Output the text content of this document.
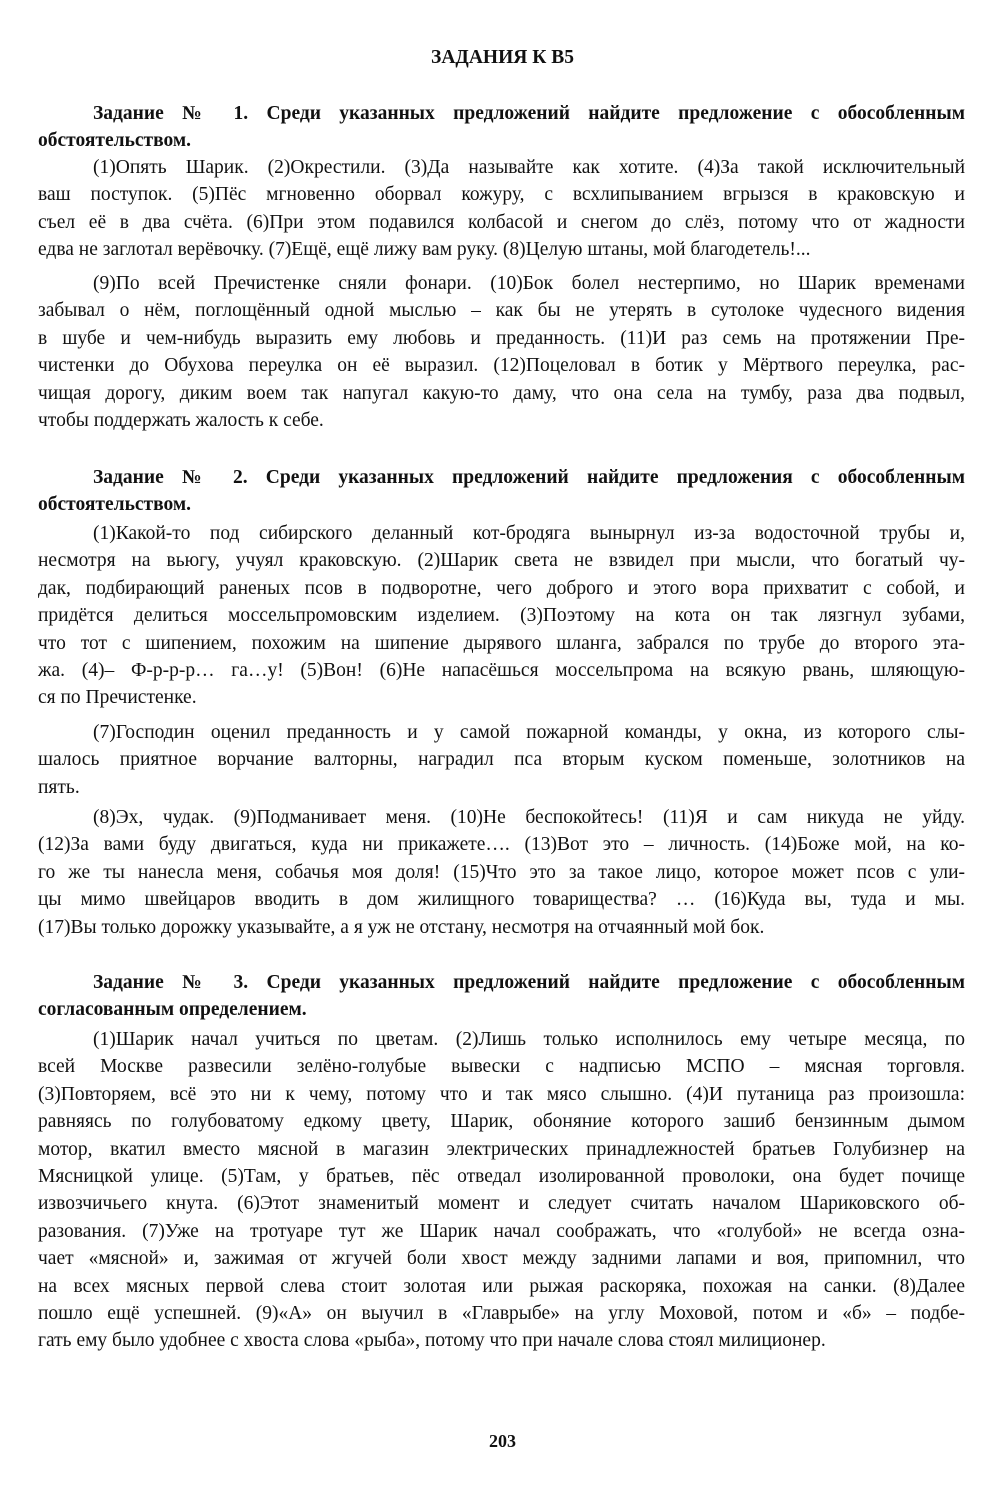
ЗАДАНИЯ К В5
Задание № 1. Среди указанных предложений найдите предложение с обособленным
обстоятельством.
(1)Опять Шарик. (2)Окрестили. (3)Да называйте как хотите. (4)За такой исключительный
ваш поступок. (5)Пёс мгновенно оборвал кожуру, с всхлипыванием вгрызся в краковскую и
съел её в два счёта. (6)При этом подавился колбасой и снегом до слёз, потому что от жадности
едва не заглотал верёвочку. (7)Ещё, ещё лижу вам руку. (8)Целую штаны, мой благодетель!...
(9)По всей Пречистенке сняли фонари. (10)Бок болел нестерпимо, но Шарик временами
забывал о нём, поглощённый одной мыслью – как бы не утерять в сутолоке чудесного видения
в шубе и чем-нибудь выразить ему любовь и преданность. (11)И раз семь на протяжении Пре-
чистенки до Обухова переулка он её выразил. (12)Поцеловал в ботик у Мёртвого переулка, рас-
чищая дорогу, диким воем так напугал какую-то даму, что она села на тумбу, раза два подвыл,
чтобы поддержать жалость к себе.
Задание № 2. Среди указанных предложений найдите предложения с обособленным
обстоятельством.
(1)Какой-то под сибирского деланный кот-бродяга вынырнул из-за водосточной трубы и,
несмотря на вьюгу, учуял краковскую. (2)Шарик света не взвидел при мысли, что богатый чу-
дак, подбирающий раненых псов в подворотне, чего доброго и этого вора прихватит с собой, и
придётся делиться моссельпромовским изделием. (3)Поэтому на кота он так лязгнул зубами,
что тот с шипением, похожим на шипение дырявого шланга, забрался по трубе до второго эта-
жа. (4)– Ф-р-р-р… га…у! (5)Вон! (6)Не напасёшься моссельпрома на всякую рвань, шляющую-
ся по Пречистенке.
(7)Господин оценил преданность и у самой пожарной команды, у окна, из которого слы-
шалось приятное ворчание валторны, наградил пса вторым куском поменьше, золотников на
пять.
(8)Эх, чудак. (9)Подманивает меня. (10)Не беспокойтесь! (11)Я и сам никуда не уйду.
(12)За вами буду двигаться, куда ни прикажете…. (13)Вот это – личность. (14)Боже мой, на ко-
го же ты нанесла меня, собачья моя доля! (15)Что это за такое лицо, которое может псов с ули-
цы мимо швейцаров вводить в дом жилищного товарищества? … (16)Куда вы, туда и мы.
(17)Вы только дорожку указывайте, а я уж не отстану, несмотря на отчаянный мой бок.
Задание № 3. Среди указанных предложений найдите предложение с обособленным
согласованным определением.
(1)Шарик начал учиться по цветам. (2)Лишь только исполнилось ему четыре месяца, по
всей Москве развесили зелёно-голубые вывески с надписью МСПО – мясная торговля.
(3)Повторяем, всё это ни к чему, потому что и так мясо слышно. (4)И путаница раз произошла:
равняясь по голубоватому едкому цвету, Шарик, обоняние которого зашиб бензинным дымом
мотор, вкатил вместо мясной в магазин электрических принадлежностей братьев Голубизнер на
Мясницкой улице. (5)Там, у братьев, пёс отведал изолированной проволоки, она будет почище
извозчичьего кнута. (6)Этот знаменитый момент и следует считать началом Шариковского об-
разования. (7)Уже на тротуаре тут же Шарик начал соображать, что «голубой» не всегда озна-
чает «мясной» и, зажимая от жгучей боли хвост между задними лапами и воя, припомнил, что
на всех мясных первой слева стоит золотая или рыжая раскоряка, похожая на санки. (8)Далее
пошло ещё успешней. (9)«А» он выучил в «Главрыбе» на углу Моховой, потом и «б» – подбе-
гать ему было удобнее с хвоста слова «рыба», потому что при начале слова стоял милиционер.
203
